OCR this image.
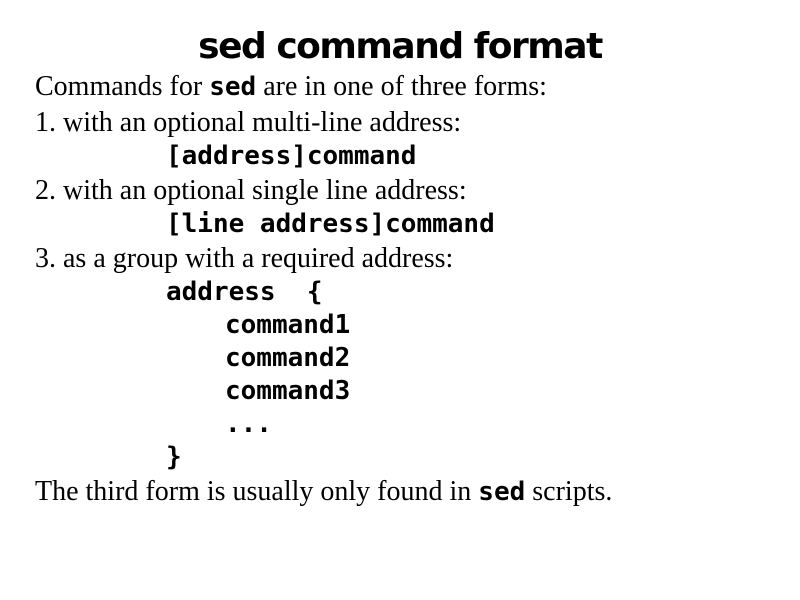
sed command format
Commands for sed are in one of three forms:
1. with an optional multi-line address:
[address]command
2. with an optional single line address:
[line address]command
3. as a group with a required address:
address  {
command1
command2
command3
...
}
The third form is usually only found in sed scripts.
